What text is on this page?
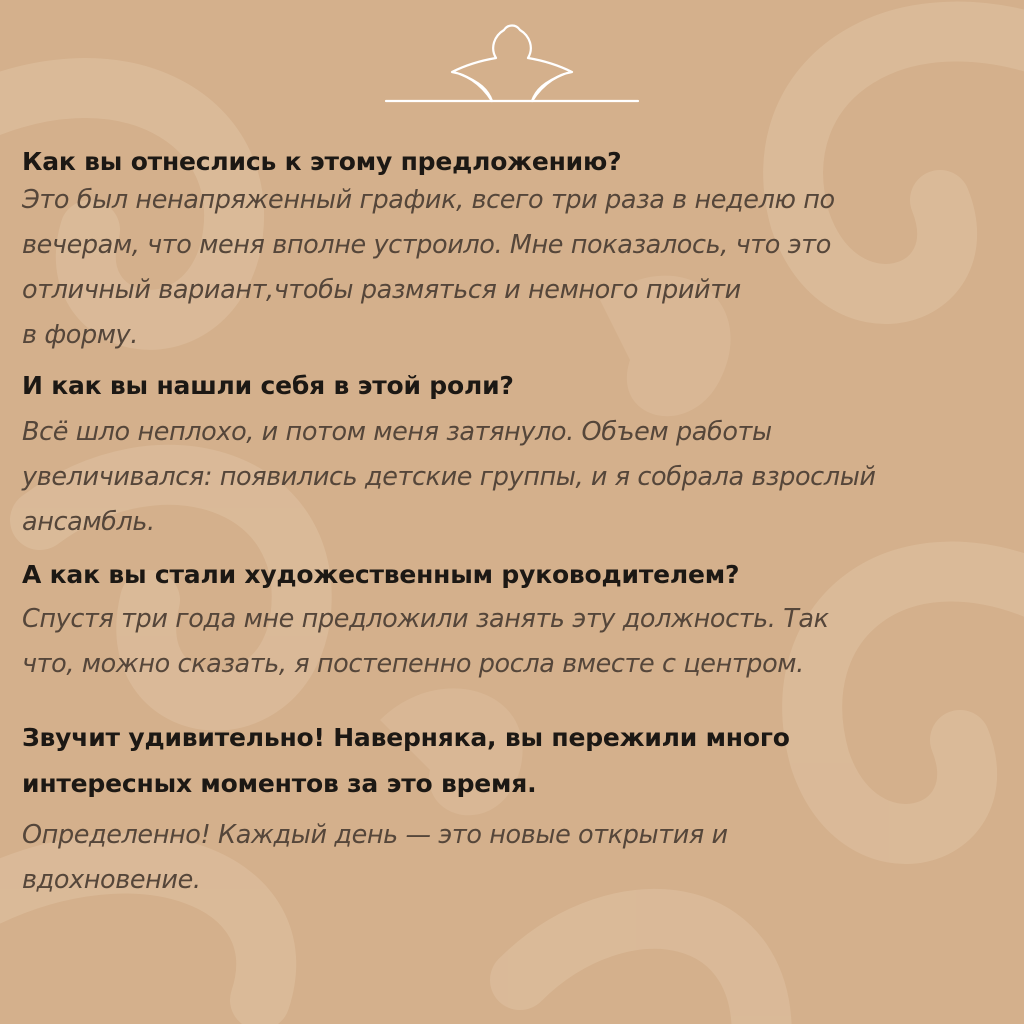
Как вы отнеслись к этому предложению?

Это был ненапряженный график, всего три раза в неделю по
вечерам, что меня вполне устроило. Мне показалось, что это
отличный вариант,чтобы размяться и немного прийти
в форму.

И как вы нашли себя в этой роли?

Всё шло неплохо, и потом меня затянуло. Объем работы
увеличивался: появились детские группы, и я собрала взрослый
ансамбль.

А как вы стали художественным руководителем?

Спустя три года мне предложили занять эту должность. Так
что, можно сказать, я постепенно росла вместе с центром.

Звучит удивительно! Наверняка, вы пережили много
интересных моментов за это время.

Определенно! Каждый день — это новые открытия и
вдохновение.
